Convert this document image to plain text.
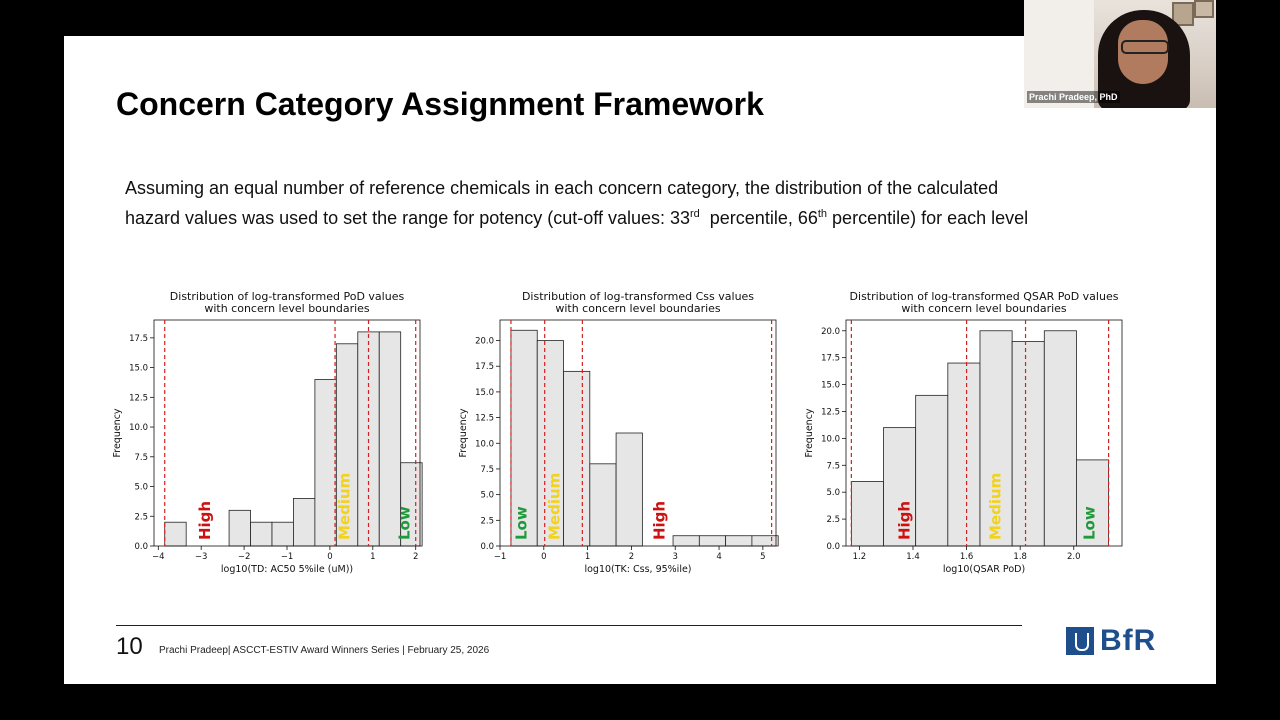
Concern Category Assignment Framework
Assuming an equal number of reference chemicals in each concern category, the distribution of the calculated
hazard values was used to set the range for potency (cut-off values: 33rd  percentile, 66th percentile) for each level
Distribution of log-transformed PoD values
with concern level boundaries
High	Medium	Low
−4	−3	−2	−1	0	1	2
0.0
2.5
5.0
7.5
10.0
12.5
15.0
17.5
Frequency
log10(TD: AC50 5%ile (uM))
Distribution of log-transformed Css values
with concern level boundaries
Low Medium	High
−1	0	1	2	3	4	5
0.0
2.5
5.0
7.5
10.0
12.5
15.0
17.5
20.0
Frequency
log10(TK: Css, 95%ile)
Distribution of log-transformed QSAR PoD values
with concern level boundaries
High	Medium	Low
1.2	1.4	1.6	1.8	2.0
0.0
2.5
5.0
7.5
10.0
12.5
15.0
17.5
20.0
Frequency
log10(QSAR PoD)
10 Prachi Pradeep| ASCCT-ESTIV Award Winners Series | February 25, 2026	BfR
Prachi Pradeep, PhD
